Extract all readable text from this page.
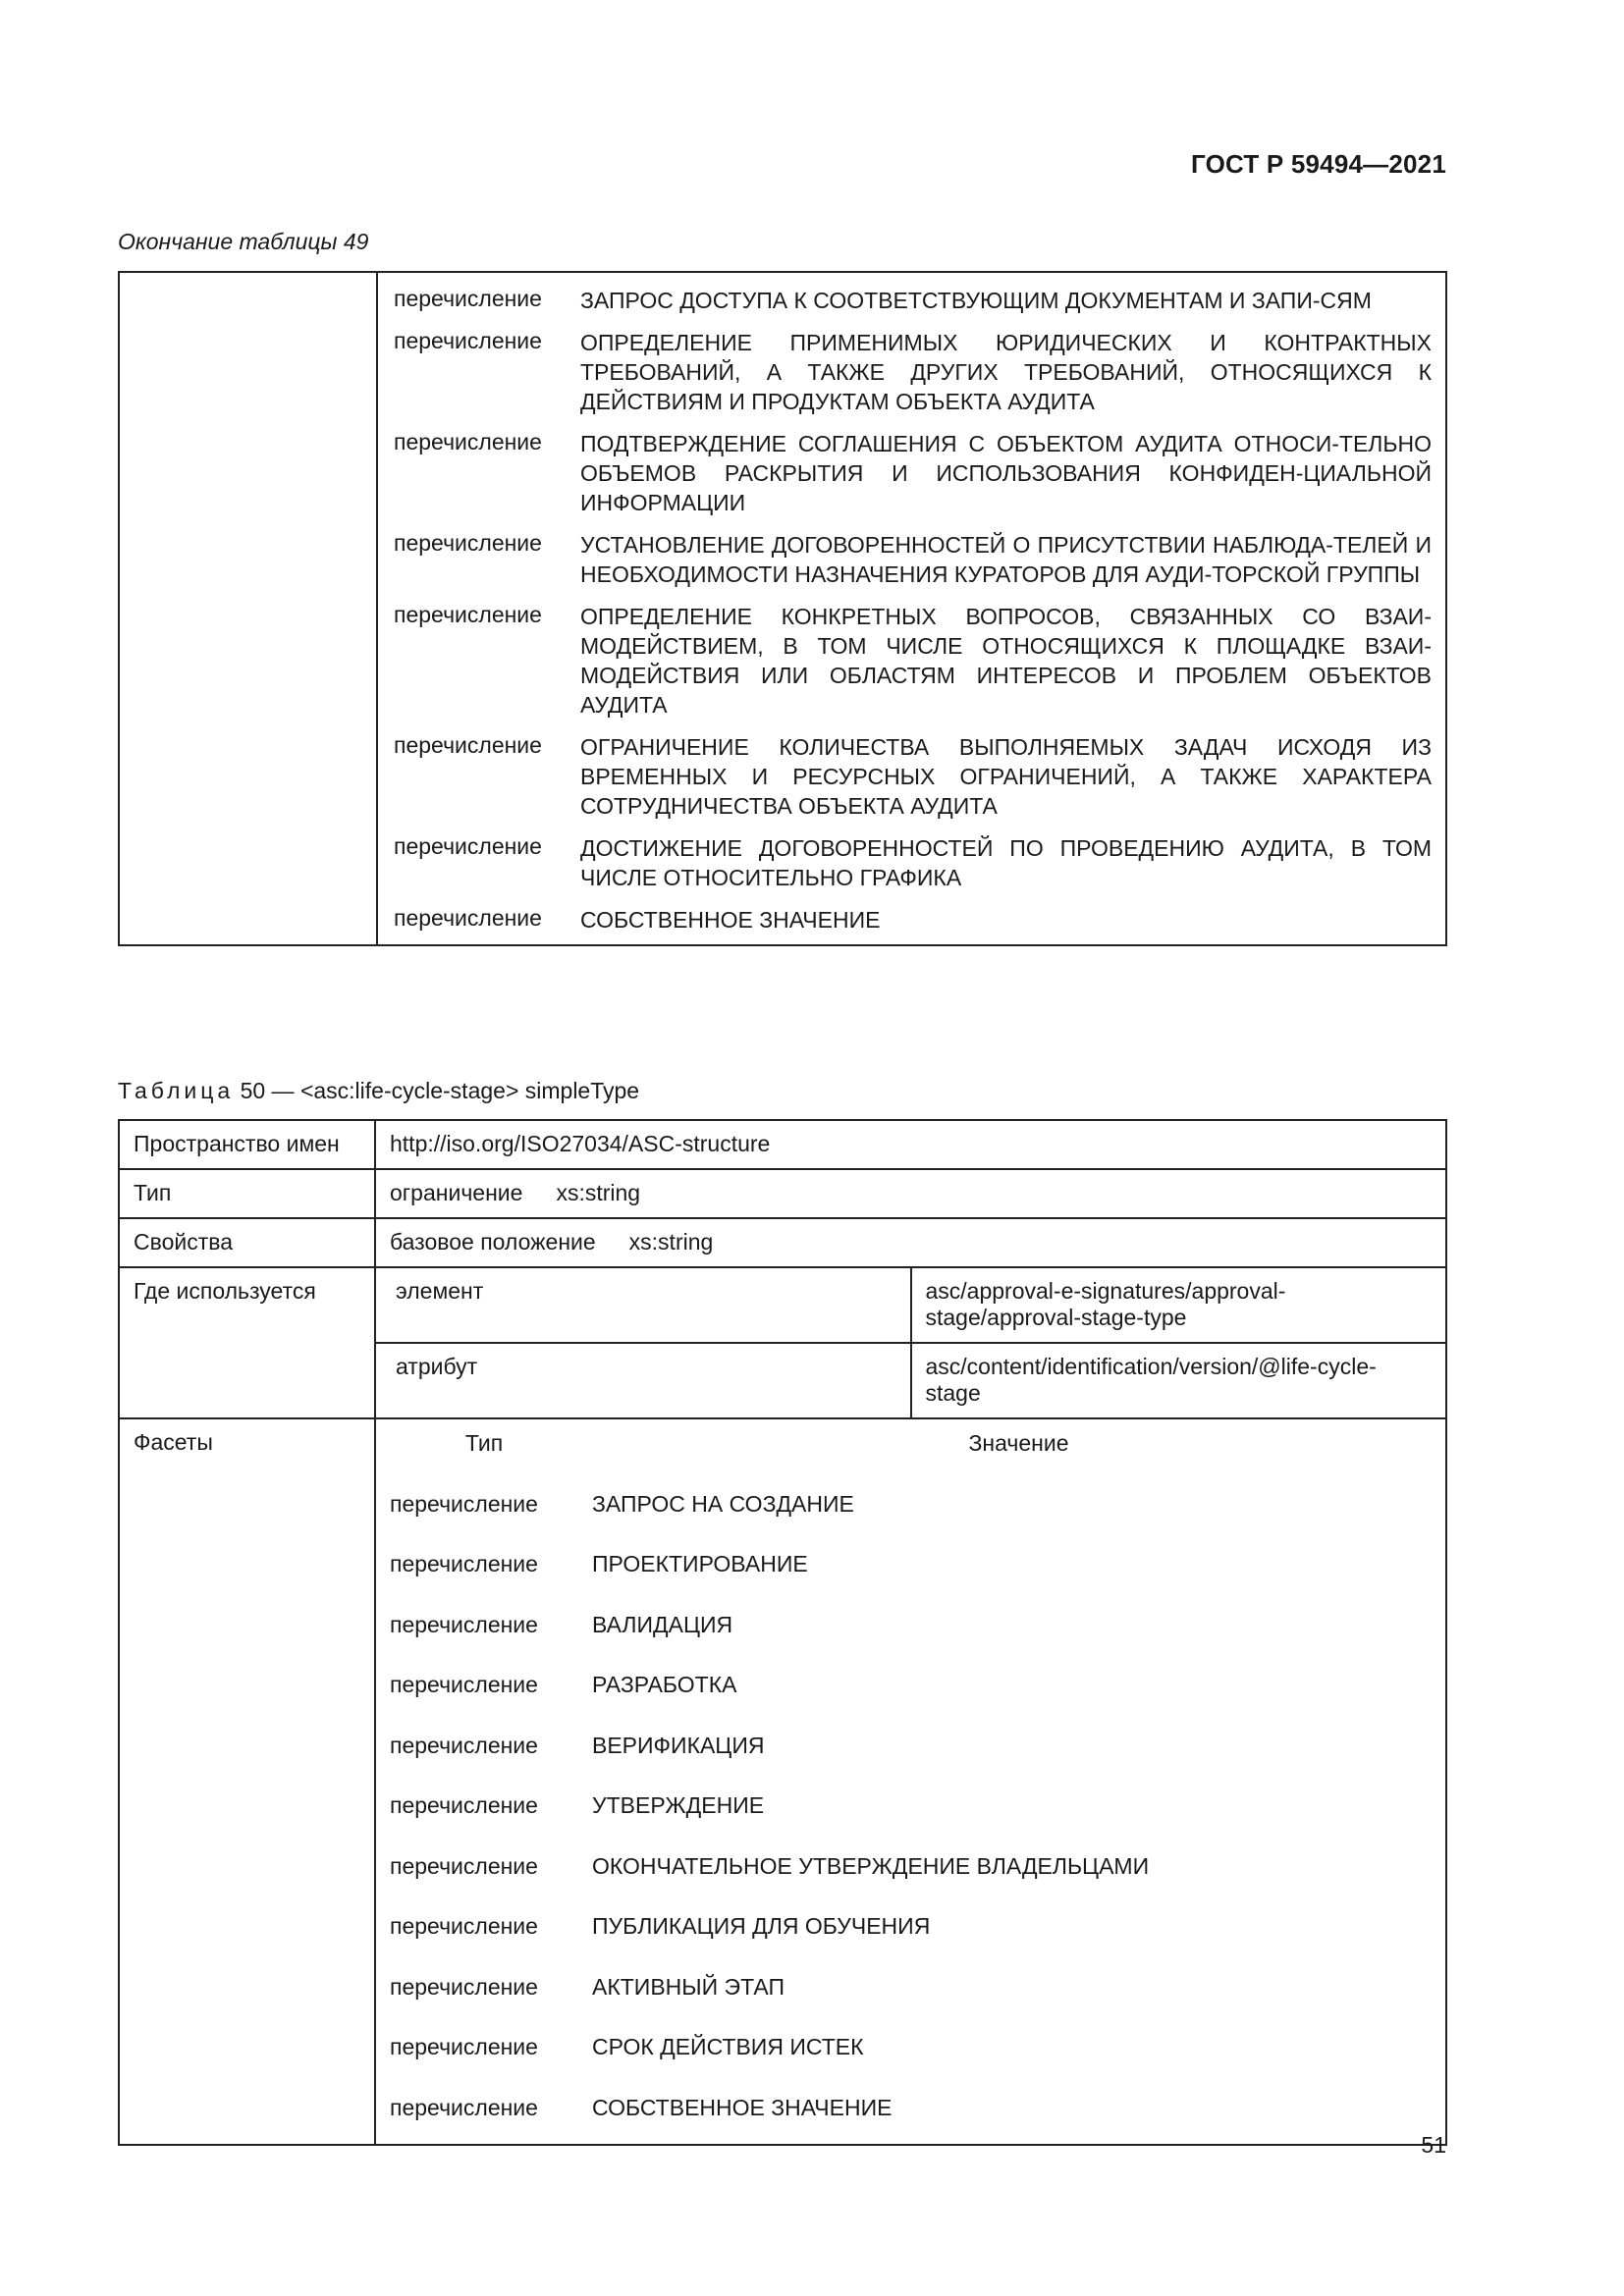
ГОСТ Р 59494—2021
Окончание таблицы 49
	перечисление	ЗАПРОС ДОСТУПА К СООТВЕТСТВУЮЩИМ ДОКУМЕНТАМ И ЗАПИ-СЯМ
	перечисление	ОПРЕДЕЛЕНИЕ ПРИМЕНИМЫХ ЮРИДИЧЕСКИХ И КОНТРАКТНЫХ ТРЕБОВАНИЙ, А ТАКЖЕ ДРУГИХ ТРЕБОВАНИЙ, ОТНОСЯЩИХСЯ К ДЕЙСТВИЯМ И ПРОДУКТАМ ОБЪЕКТА АУДИТА
	перечисление	ПОДТВЕРЖДЕНИЕ СОГЛАШЕНИЯ С ОБЪЕКТОМ АУДИТА ОТНОСИ-ТЕЛЬНО ОБЪЕМОВ РАСКРЫТИЯ И ИСПОЛЬЗОВАНИЯ КОНФИДЕН-ЦИАЛЬНОЙ ИНФОРМАЦИИ
	перечисление	УСТАНОВЛЕНИЕ ДОГОВОРЕННОСТЕЙ О ПРИСУТСТВИИ НАБЛЮДА-ТЕЛЕЙ И НЕОБХОДИМОСТИ НАЗНАЧЕНИЯ КУРАТОРОВ ДЛЯ АУДИ-ТОРСКОЙ ГРУППЫ
	перечисление	ОПРЕДЕЛЕНИЕ КОНКРЕТНЫХ ВОПРОСОВ, СВЯЗАННЫХ СО ВЗАИ-МОДЕЙСТВИЕМ, В ТОМ ЧИСЛЕ ОТНОСЯЩИХСЯ К ПЛОЩАДКЕ ВЗАИ-МОДЕЙСТВИЯ ИЛИ ОБЛАСТЯМ ИНТЕРЕСОВ И ПРОБЛЕМ ОБЪЕКТОВ АУДИТА
	перечисление	ОГРАНИЧЕНИЕ КОЛИЧЕСТВА ВЫПОЛНЯЕМЫХ ЗАДАЧ ИСХОДЯ ИЗ ВРЕМЕННЫХ И РЕСУРСНЫХ ОГРАНИЧЕНИЙ, А ТАКЖЕ ХАРАКТЕРА СОТРУДНИЧЕСТВА ОБЪЕКТА АУДИТА
	перечисление	ДОСТИЖЕНИЕ ДОГОВОРЕННОСТЕЙ ПО ПРОВЕДЕНИЮ АУДИТА, В ТОМ ЧИСЛЕ ОТНОСИТЕЛЬНО ГРАФИКА
	перечисление	СОБСТВЕННОЕ ЗНАЧЕНИЕ
Таблица 50 — <asc:life-cycle-stage> simpleType
Пространство имен	http://iso.org/ISO27034/ASC-structure
Тип	ограничение xs:string
Свойства	базовое положение xs:string
Где используется	элемент	asc/approval-e-signatures/approval-stage/approval-stage-type
атрибут	asc/content/identification/version/@life-cycle-stage
Фасеты		Тип	Значение
перечисление	ЗАПРОС НА СОЗДАНИЕ
перечисление	ПРОЕКТИРОВАНИЕ
перечисление	ВАЛИДАЦИЯ
перечисление	РАЗРАБОТКА
перечисление	ВЕРИФИКАЦИЯ
перечисление	УТВЕРЖДЕНИЕ
перечисление	ОКОНЧАТЕЛЬНОЕ УТВЕРЖДЕНИЕ ВЛАДЕЛЬЦАМИ
перечисление	ПУБЛИКАЦИЯ ДЛЯ ОБУЧЕНИЯ
перечисление	АКТИВНЫЙ ЭТАП
перечисление	СРОК ДЕЙСТВИЯ ИСТЕК
перечисление	СОБСТВЕННОЕ ЗНАЧЕНИЕ
51
